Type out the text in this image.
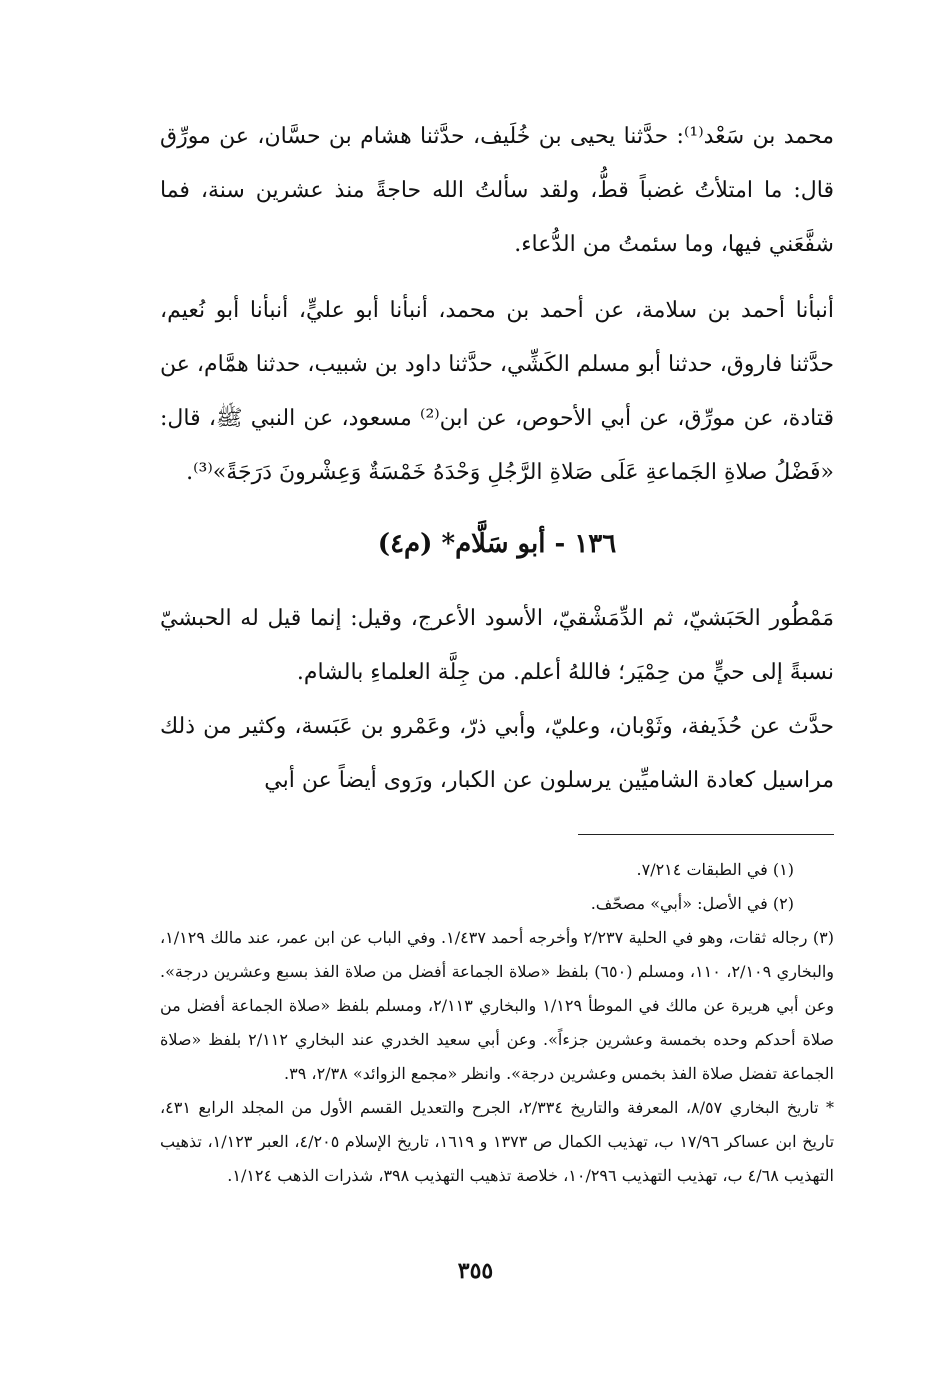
محمد بن سَعْد⁽¹⁾: حدَّثنا يحيى بن خُلَيف، حدَّثنا هشام بن حسَّان، عن مورِّق قال: ما امتلأتُ غضباً قطُّ، ولقد سألتُ الله حاجةً منذ عشرين سنة، فما شفَّعَني فيها، وما سئمتُ من الدُّعاء.

أنبأنا أحمد بن سلامة، عن أحمد بن محمد، أنبأنا أبو عليٍّ، أنبأنا أبو نُعيم، حدَّثنا فاروق، حدثنا أبو مسلم الكَشِّي، حدَّثنا داود بن شبيب، حدثنا همَّام، عن قتادة، عن مورِّق، عن أبي الأحوص، عن ابن⁽²⁾ مسعود، عن النبي ﷺ، قال: «فَضْلُ صلاةِ الجَماعةِ عَلَى صَلاةِ الرَّجُلِ وَحْدَهُ خَمْسَةٌ وَعِشْرونَ دَرَجَةً»⁽³⁾.

١٣٦ - أبو سَلَّام* (م٤)

مَمْطُور الحَبَشيّ، ثم الدِّمَشْقيّ، الأسود الأعرج، وقيل: إنما قيل له الحبشيّ نسبةً إلى حيٍّ من حِمْيَر؛ فاللهُ أعلم. من جِلَّة العلماءِ بالشام.

حدَّث عن حُذَيفة، وثَوْبان، وعليّ، وأبي ذرّ، وعَمْرو بن عَبَسة، وكثير من ذلك مراسيل كعادة الشاميِّين يرسلون عن الكبار، ورَوى أيضاً عن أبي

(١) في الطبقات ٧/٢١٤.

(٢) في الأصل: «أبي» مصحّف.

(٣) رجاله ثقات، وهو في الحلية ٢/٢٣٧ وأخرجه أحمد ١/٤٣٧. وفي الباب عن ابن عمر، عند مالك ١/١٢٩، والبخاري ٢/١٠٩، ١١٠، ومسلم (٦٥٠) بلفظ «صلاة الجماعة أفضل من صلاة الفذ بسبع وعشرين درجة». وعن أبي هريرة عن مالك في الموطأ ١/١٢٩ والبخاري ٢/١١٣، ومسلم بلفظ «صلاة الجماعة أفضل من صلاة أحدكم وحده بخمسة وعشرين جزءاً». وعن أبي سعيد الخدري عند البخاري ٢/١١٢ بلفظ «صلاة الجماعة تفضل صلاة الفذ بخمس وعشرين درجة». وانظر «مجمع الزوائد» ٢/٣٨، ٣٩.

* تاريخ البخاري ٨/٥٧، المعرفة والتاريخ ٢/٣٣٤، الجرح والتعديل القسم الأول من المجلد الرابع ٤٣١، تاريخ ابن عساكر ١٧/٩٦ ب، تهذيب الكمال ص ١٣٧٣ و ١٦١٩، تاريخ الإسلام ٤/٢٠٥، العبر ١/١٢٣، تذهيب التهذيب ٤/٦٨ ب، تهذيب التهذيب ١٠/٢٩٦، خلاصة تذهيب التهذيب ٣٩٨، شذرات الذهب ١/١٢٤.

٣٥٥
